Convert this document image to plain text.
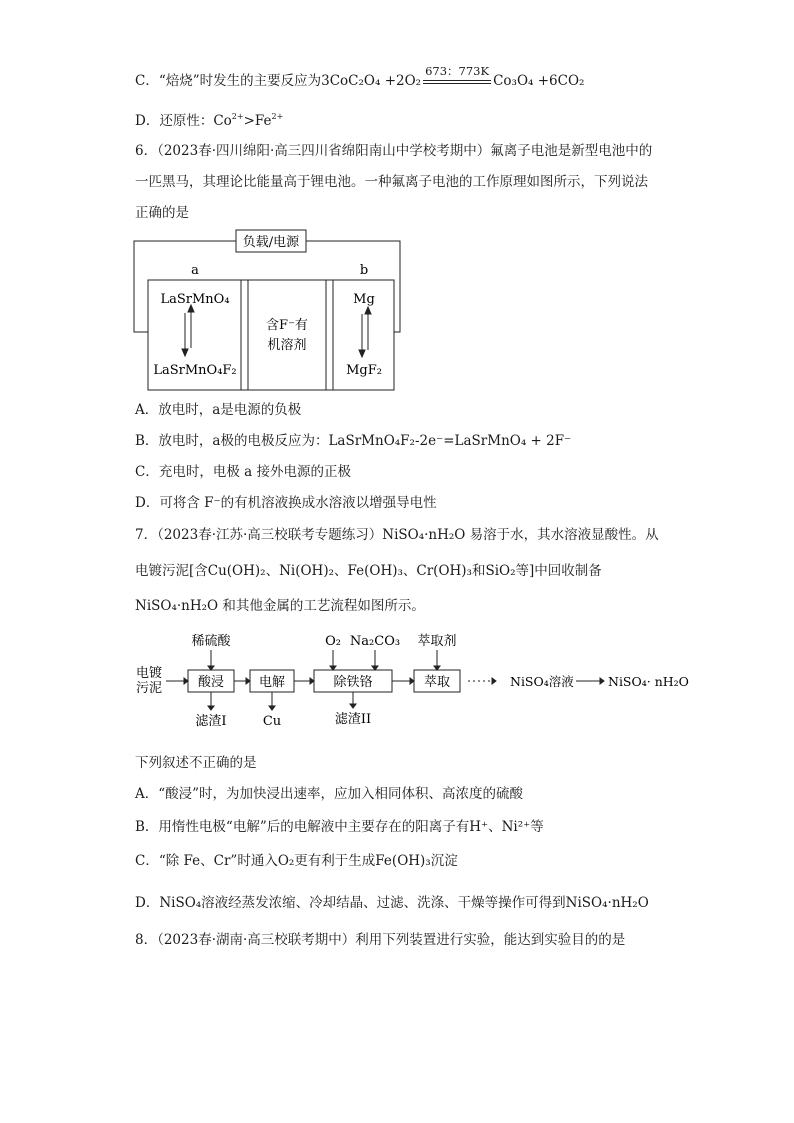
C．“焙烧”时发生的主要反应为3CoC₂O₄ +2O₂
673：773K
Co₃O₄ +6CO₂
D．还原性：$Co^{2+}>Fe^{2+}$
6．（2023春·四川绵阳·高三四川省绵阳南山中学校考期中）氟离子电池是新型电池中的
一匹黑马，其理论比能量高于锂电池。一种氟离子电池的工作原理如图所示，下列说法
正确的是
负载/电源
a	b
LaSrMnO₄
LaSrMnO₄F₂
含F⁻有
机溶剂
Mg
MgF₂
A．放电时，a是电源的负极
B．放电时，a极的电极反应为：LaSrMnO₄F₂-2e⁻=LaSrMnO₄ + 2F⁻
C．充电时，电极 a 接外电源的正极
D．可将含 F⁻的有机溶液换成水溶液以增强导电性
7．（2023春·江苏·高三校联考专题练习）NiSO₄·nH₂O 易溶于水，其水溶液显酸性。从
电镀污泥[含Cu(OH)₂、Ni(OH)₂、Fe(OH)₃、Cr(OH)₃和SiO₂等]中回收制备
NiSO₄·nH₂O 和其他金属的工艺流程如图所示。
电镀
污泥
稀硫酸
酸浸
滤渣I
电解
Cu
O₂ Na₂CO₃
除铁铬
滤渣II
萃取剂
萃取	NiSO₄溶液	NiSO₄· nH₂O
下列叙述不正确的是
A．“酸浸”时，为加快浸出速率，应加入相同体积、高浓度的硫酸
B．用惰性电极“电解”后的电解液中主要存在的阳离子有H⁺、Ni²⁺等
C．“除 Fe、Cr”时通入O₂更有利于生成Fe(OH)₃沉淀
D．NiSO₄溶液经蒸发浓缩、冷却结晶、过滤、洗涤、干燥等操作可得到NiSO₄·nH₂O
8．（2023春·湖南·高三校联考期中）利用下列装置进行实验，能达到实验目的的是
